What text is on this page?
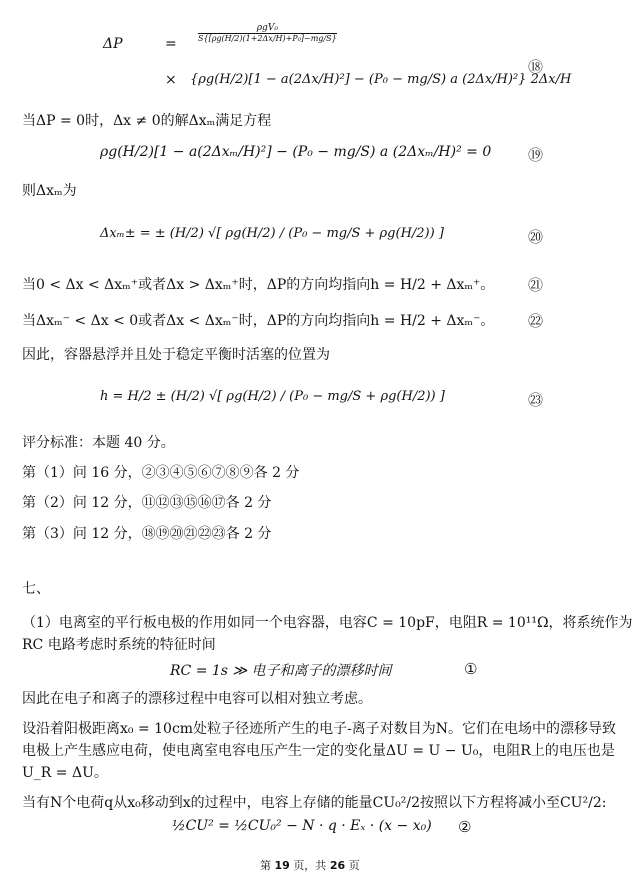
ΔP	=
$\frac{\text{ρgV₀}}{\text{S\{[ρg(H/2)(1+2Δx/H)+P₀]−mg/S\}}}$
× {ρg(H/2)[1 − a(2Δx/H)²] − (P₀ − mg/S) a (2Δx/H)²} 2Δx/H
⑱
当ΔP = 0时，Δx ≠ 0的解Δxₘ满足方程
ρg(H/2)[1 − a(2Δxₘ/H)²] − (P₀ − mg/S) a (2Δxₘ/H)² = 0 ⑲
则Δxₘ为
Δxₘ± = ± (H/2) √[ ρg(H/2) / (P₀ − mg/S + ρg(H/2)) ]	⑳
当0 < Δx < Δxₘ⁺或者Δx > Δxₘ⁺时，ΔP的方向均指向h = H/2 + Δxₘ⁺。 ㉑
当Δxₘ⁻ < Δx < 0或者Δx < Δxₘ⁻时，ΔP的方向均指向h = H/2 + Δxₘ⁻。 ㉒
因此，容器悬浮并且处于稳定平衡时活塞的位置为
h = H/2 ± (H/2) √[ ρg(H/2) / (P₀ − mg/S + ρg(H/2)) ]	㉓
评分标准：本题 40 分。
第（1）问 16 分，②③④⑤⑥⑦⑧⑨各 2 分
第（2）问 12 分，⑪⑫⑬⑮⑯⑰各 2 分
第（3）问 12 分，⑱⑲⑳㉑㉒㉓各 2 分
七、
（1）电离室的平行板电极的作用如同一个电容器，电容C = 10pF，电阻R = 10¹¹Ω，将系统作为
RC 电路考虑时系统的特征时间
RC = 1s ≫ 电子和离子的漂移时间	①
因此在电子和离子的漂移过程中电容可以相对独立考虑。
设沿着阳极距离x₀ = 10cm处粒子径迹所产生的电子-离子对数目为N。它们在电场中的漂移导致
电极上产生感应电荷，使电离室电容电压产生一定的变化量ΔU = U − U₀，电阻R上的电压也是
U_R = ΔU。
当有N个电荷q从x₀移动到x的过程中，电容上存储的能量CU₀²/2按照以下方程将减小至CU²/2:
½CU² = ½CU₀² − N · q · Eₓ · (x − x₀) ②
第 19 页，共 26 页
